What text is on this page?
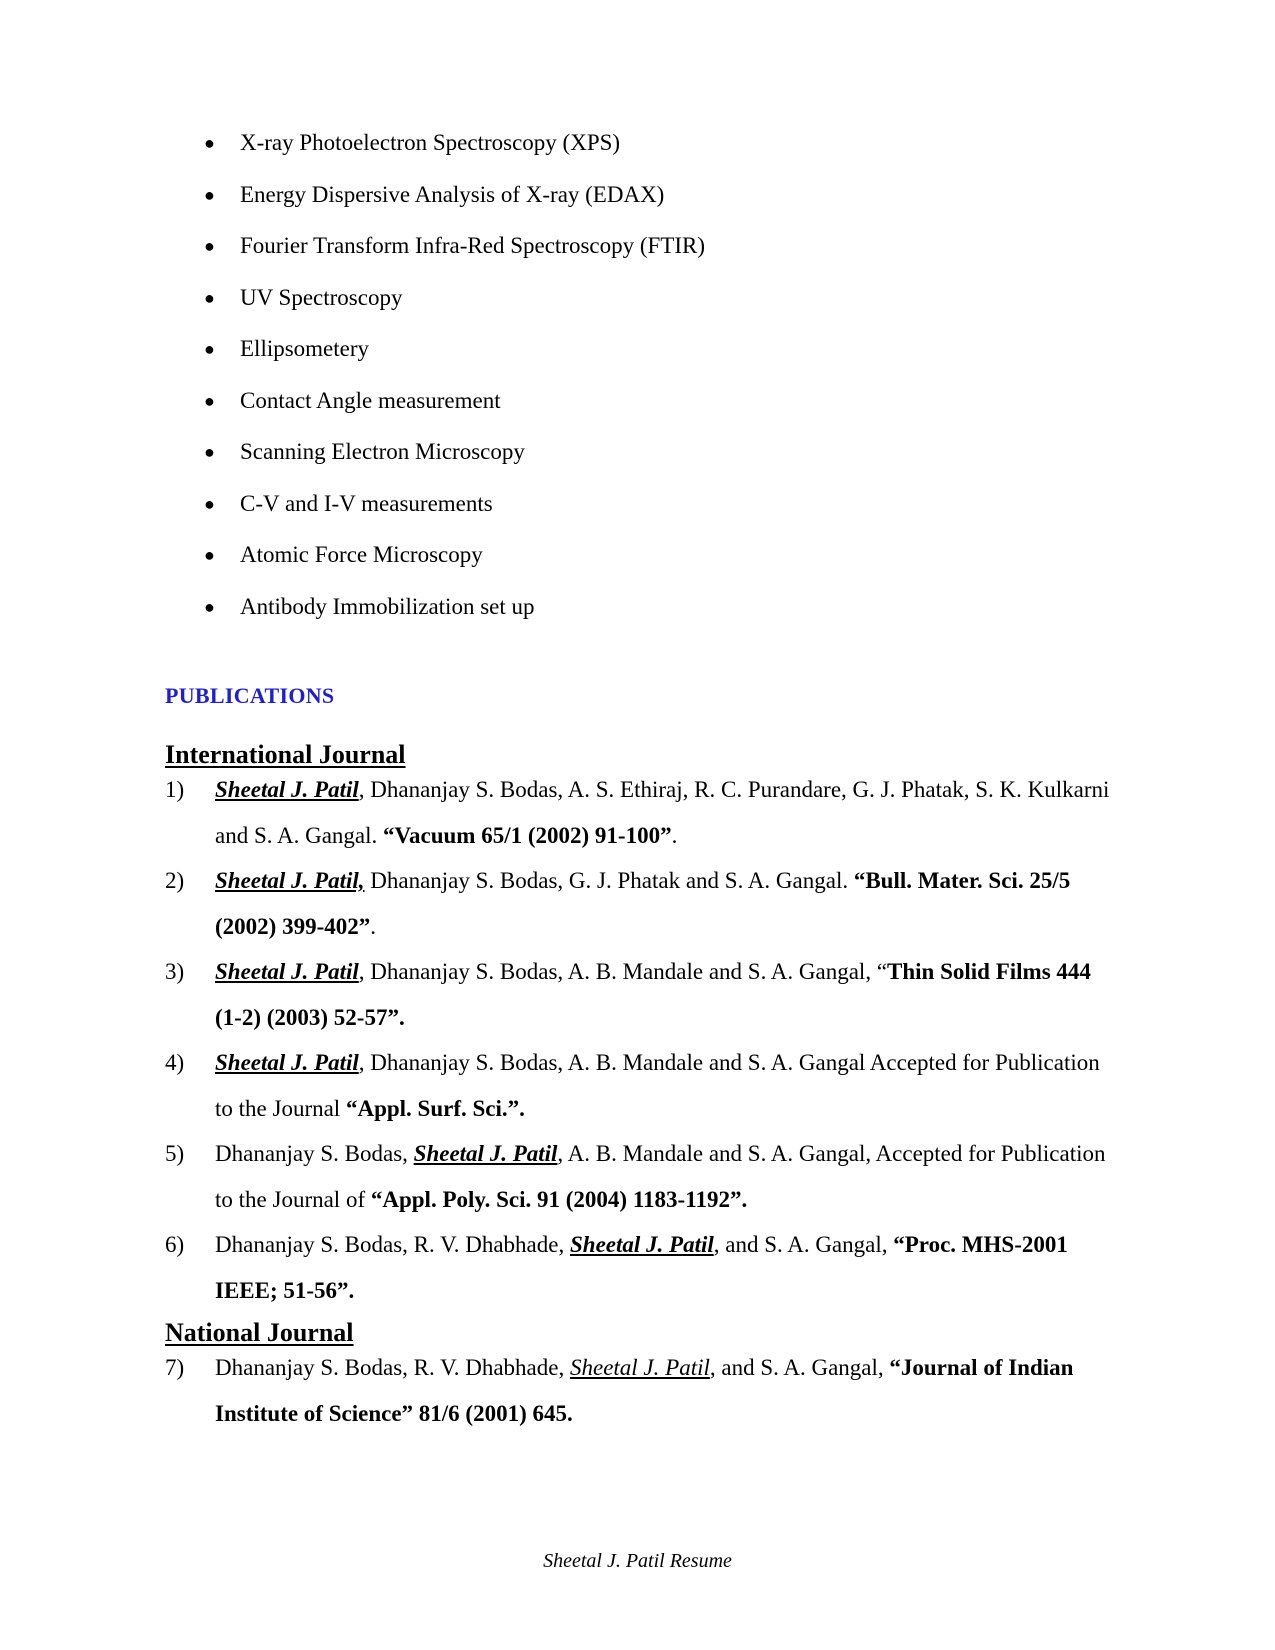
● X-ray Photoelectron Spectroscopy (XPS)
● Energy Dispersive Analysis of X-ray (EDAX)
● Fourier Transform Infra-Red Spectroscopy (FTIR)
● UV Spectroscopy
● Ellipsometery
● Contact Angle measurement
● Scanning Electron Microscopy
● C-V and I-V measurements
● Atomic Force Microscopy
● Antibody Immobilization set up
PUBLICATIONS
International Journal
1) Sheetal J. Patil, Dhananjay S. Bodas, A. S. Ethiraj, R. C. Purandare, G. J. Phatak, S. K. Kulkarni and S. A. Gangal. “Vacuum 65/1 (2002) 91-100”.
2) Sheetal J. Patil, Dhananjay S. Bodas, G. J. Phatak and S. A. Gangal. “Bull. Mater. Sci. 25/5 (2002) 399-402”.
3) Sheetal J. Patil, Dhananjay S. Bodas, A. B. Mandale and S. A. Gangal, “Thin Solid Films 444 (1-2) (2003) 52-57”.
4) Sheetal J. Patil, Dhananjay S. Bodas, A. B. Mandale and S. A. Gangal Accepted for Publication to the Journal “Appl. Surf. Sci.”.
5) Dhananjay S. Bodas, Sheetal J. Patil, A. B. Mandale and S. A. Gangal, Accepted for Publication to the Journal of “Appl. Poly. Sci. 91 (2004) 1183-1192”.
6) Dhananjay S. Bodas, R. V. Dhabhade, Sheetal J. Patil, and S. A. Gangal, “Proc. MHS-2001 IEEE; 51-56”.
National Journal
7) Dhananjay S. Bodas, R. V. Dhabhade, Sheetal J. Patil, and S. A. Gangal, “Journal of Indian Institute of Science” 81/6 (2001) 645.
Sheetal J. Patil Resume
